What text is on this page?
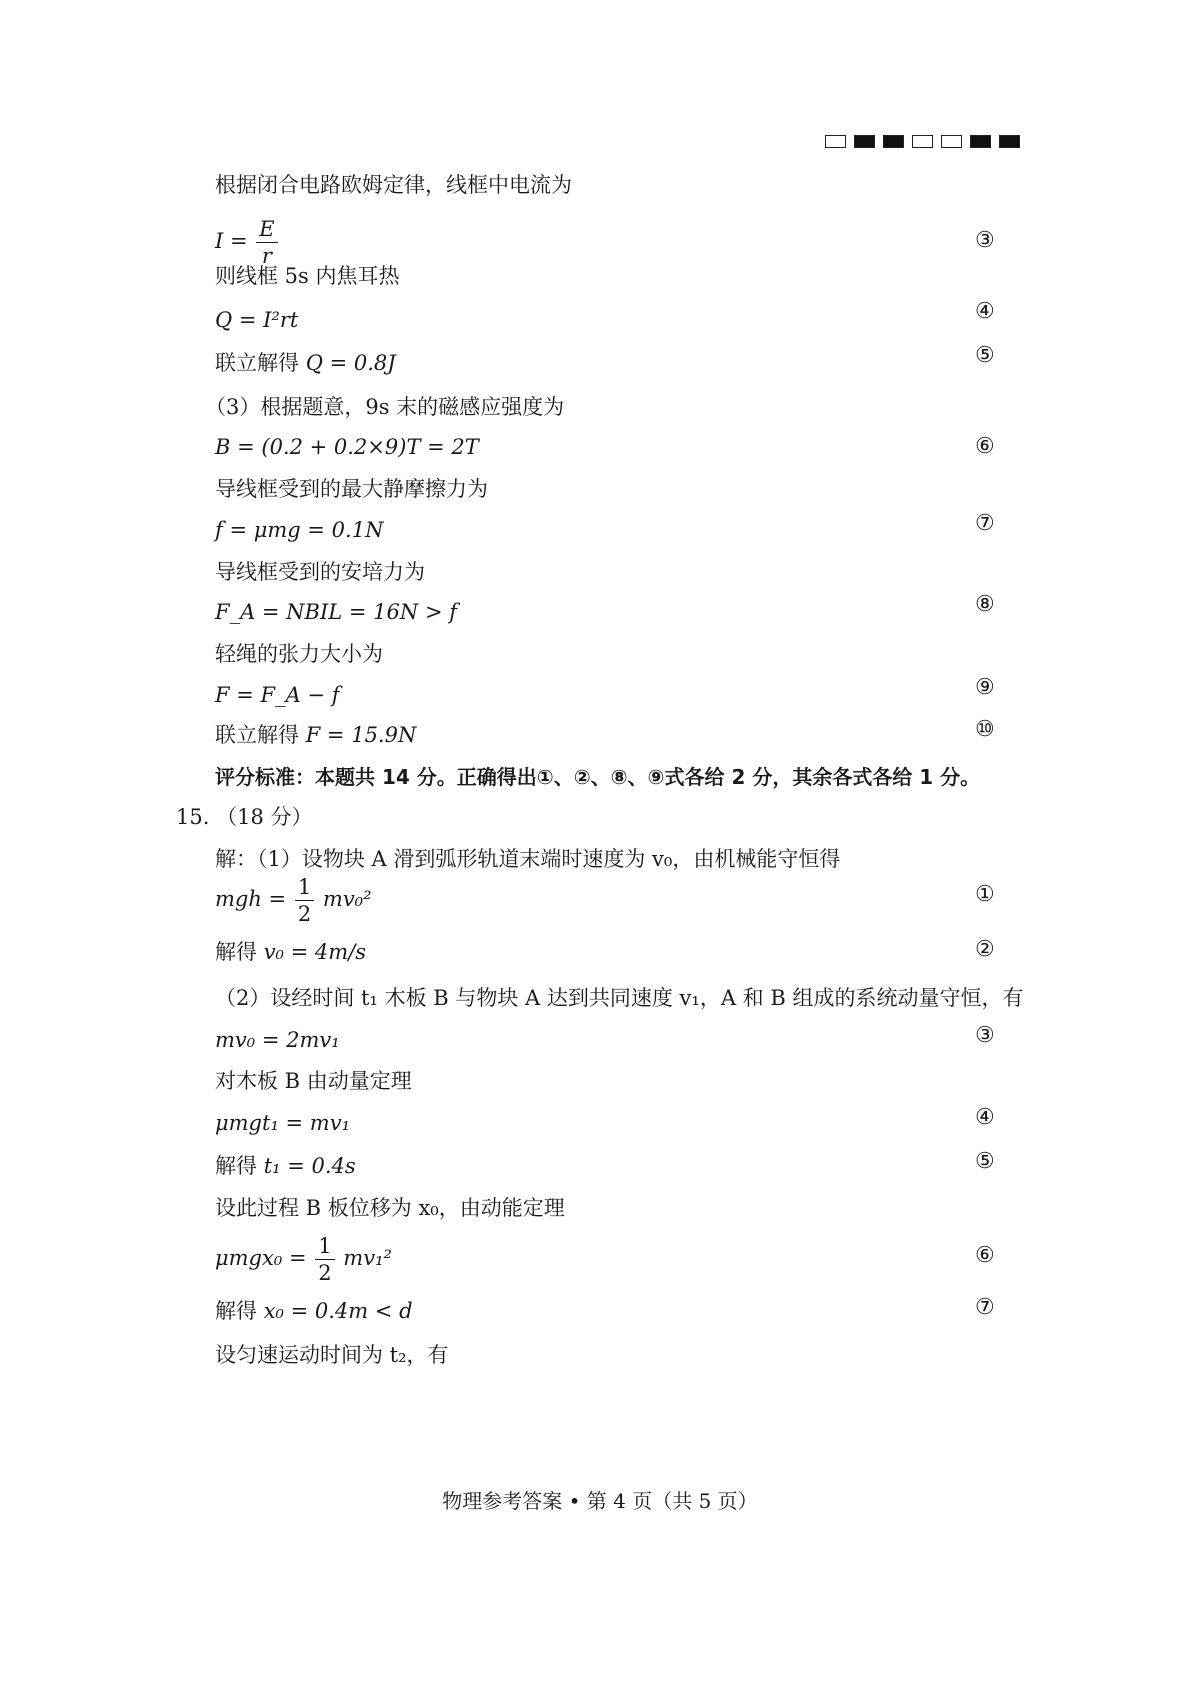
根据闭合电路欧姆定律，线框中电流为
$I = \frac{E}{r}$	③
则线框 5s 内焦耳热
Q = I²rt	④
联立解得 Q = 0.8J	⑤
（3）根据题意，9s 末的磁感应强度为
B = (0.2 + 0.2×9)T = 2T	⑥
导线框受到的最大静摩擦力为
f = μmg = 0.1N	⑦
导线框受到的安培力为
F_A = NBIL = 16N > f	⑧
轻绳的张力大小为
F = F_A − f	⑨
联立解得 F = 15.9N	⑩
评分标准：本题共 14 分。正确得出①、②、⑧、⑨式各给 2 分，其余各式各给 1 分。
15. （18 分）
解：（1）设物块 A 滑到弧形轨道末端时速度为 v₀，由机械能守恒得
mgh = $\frac{1}{2} mv_0^2$	①
解得 v₀ = 4m/s	②
（2）设经时间 t₁ 木板 B 与物块 A 达到共同速度 v₁，A 和 B 组成的系统动量守恒，有
mv₀ = 2mv₁	③
对木板 B 由动量定理
μmgt₁ = mv₁	④
解得 t₁ = 0.4s	⑤
设此过程 B 板位移为 x₀，由动能定理
$\mu mgx_0 = \frac{1}{2} mv_1^2$	⑥
解得 x₀ = 0.4m < d	⑦
设匀速运动时间为 t₂，有
物理参考答案 • 第 4 页（共 5 页）
